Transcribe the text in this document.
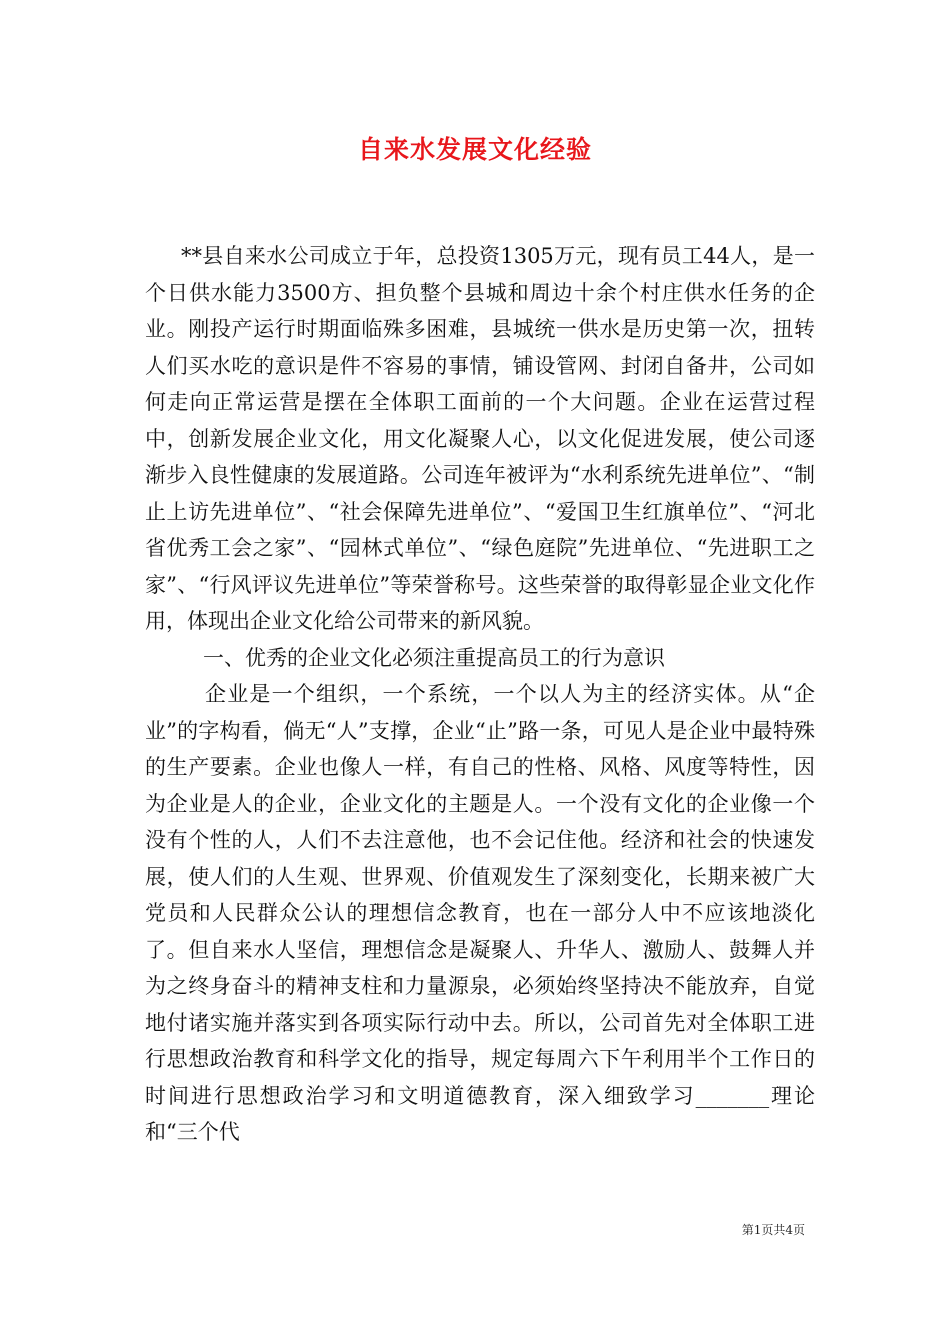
自来水发展文化经验

**县自来水公司成立于年，总投资1305万元，现有员工44人，是一个日供水能力3500方、担负整个县城和周边十余个村庄供水任务的企业。刚投产运行时期面临殊多困难，县城统一供水是历史第一次，扭转人们买水吃的意识是件不容易的事情，铺设管网、封闭自备井，公司如何走向正常运营是摆在全体职工面前的一个大问题。企业在运营过程中，创新发展企业文化，用文化凝聚人心，以文化促进发展，使公司逐渐步入良性健康的发展道路。公司连年被评为“水利系统先进单位”、“制止上访先进单位”、“社会保障先进单位”、“爱国卫生红旗单位”、“河北省优秀工会之家”、“园林式单位”、“绿色庭院”先进单位、“先进职工之家”、“行风评议先进单位”等荣誉称号。这些荣誉的取得彰显企业文化作用，体现出企业文化给公司带来的新风貌。

一、优秀的企业文化必须注重提高员工的行为意识

企业是一个组织，一个系统，一个以人为主的经济实体。从“企业”的字构看，倘无“人”支撑，企业“止”路一条，可见人是企业中最特殊的生产要素。企业也像人一样，有自己的性格、风格、风度等特性，因为企业是人的企业，企业文化的主题是人。一个没有文化的企业像一个没有个性的人，人们不去注意他，也不会记住他。经济和社会的快速发展，使人们的人生观、世界观、价值观发生了深刻变化，长期来被广大党员和人民群众公认的理想信念教育，也在一部分人中不应该地淡化了。但自来水人坚信，理想信念是凝聚人、升华人、激励人、鼓舞人并为之终身奋斗的精神支柱和力量源泉，必须始终坚持决不能放弃，自觉地付诸实施并落实到各项实际行动中去。所以，公司首先对全体职工进行思想政治教育和科学文化的指导，规定每周六下午利用半个工作日的时间进行思想政治学习和文明道德教育，深入细致学习_______理论和“三个代

第1页共4页
